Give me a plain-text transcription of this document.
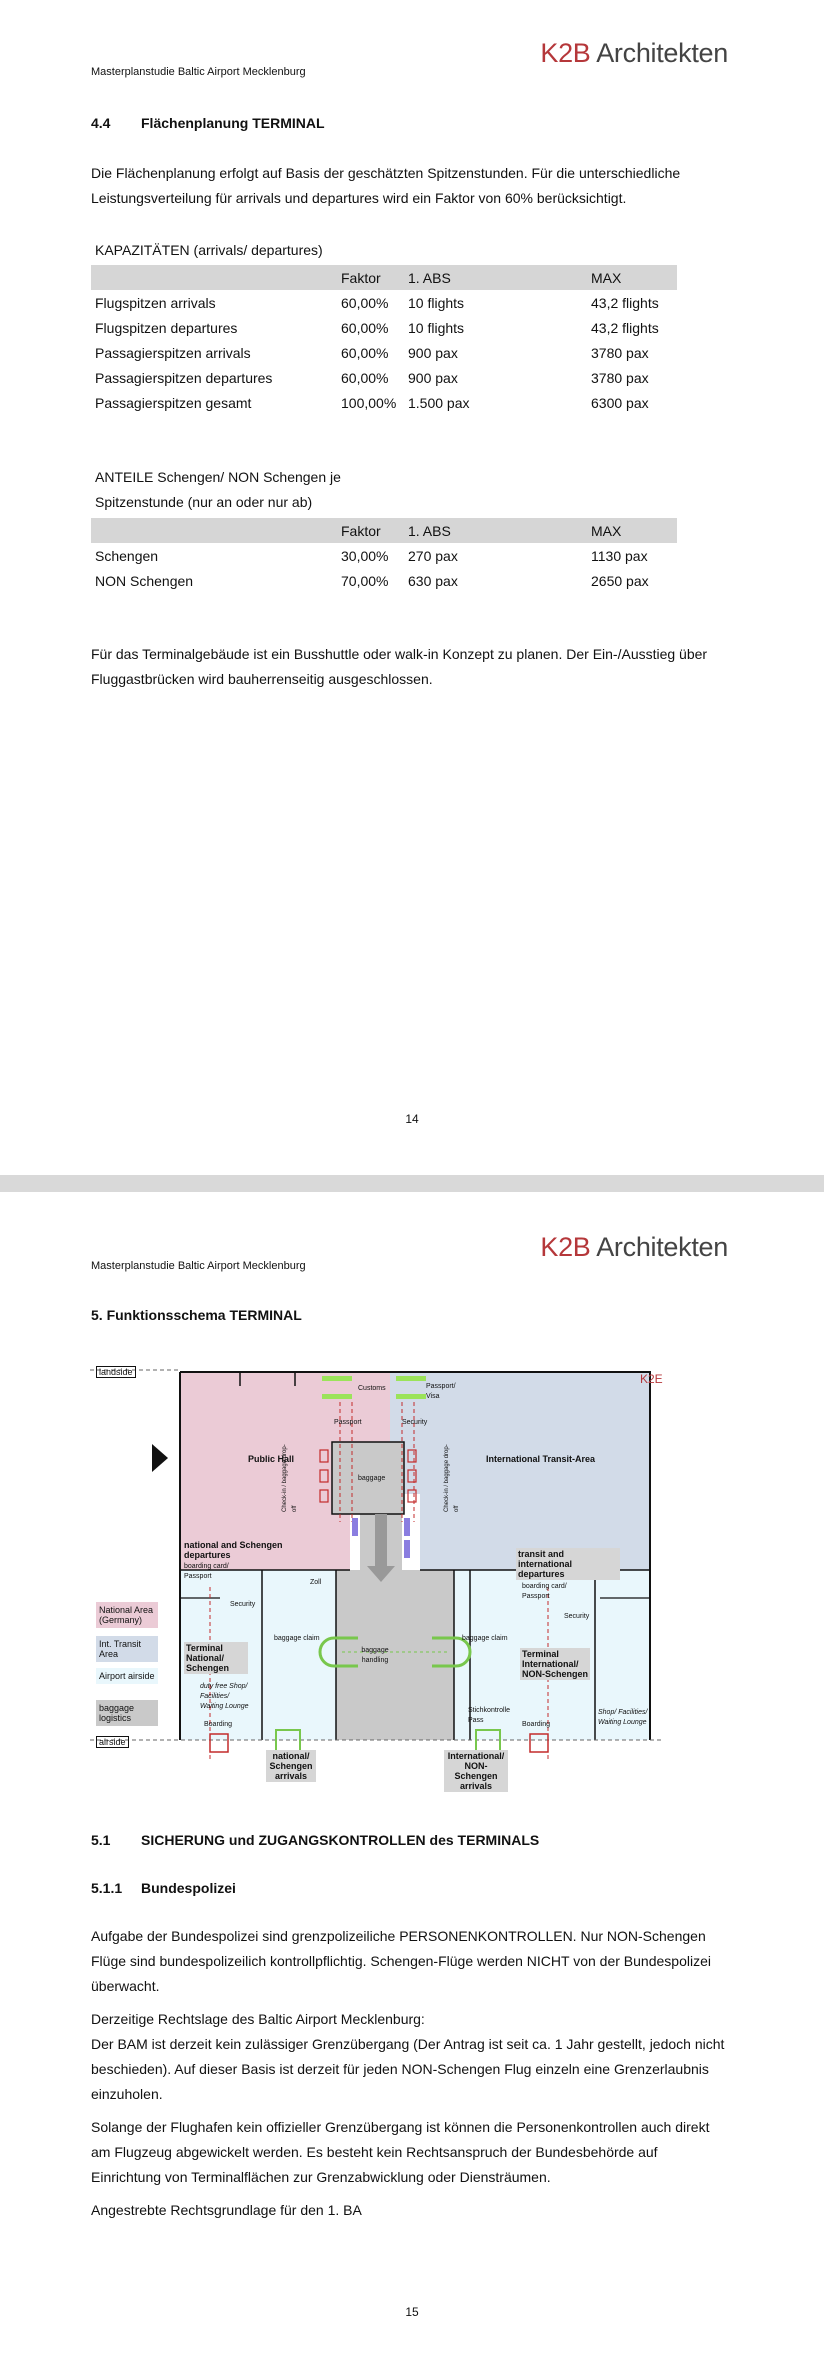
Masterplanstudie Baltic Airport Mecklenburg
K2B Architekten
4.4 Flächenplanung TERMINAL
Die Flächenplanung erfolgt auf Basis der geschätzten Spitzenstunden. Für die unterschiedliche Leistungsverteilung für arrivals und departures wird ein Faktor von 60% berücksichtigt.
KAPAZITÄTEN (arrivals/ departures)
	Faktor	1. ABS		MAX
Flugspitzen arrivals	60,00%	10 flights		43,2 flights
Flugspitzen departures	60,00%	10 flights		43,2 flights
Passagierspitzen arrivals	60,00%	900 pax		3780 pax
Passagierspitzen departures	60,00%	900 pax		3780 pax
Passagierspitzen gesamt	100,00%	1.500 pax		6300 pax
ANTEILE Schengen/ NON Schengen je
Spitzenstunde (nur an oder nur ab)
	Faktor	1. ABS		MAX
Schengen	30,00%	270 pax		1130 pax
NON Schengen	70,00%	630 pax		2650 pax
Für das Terminalgebäude ist ein Busshuttle oder walk-in Konzept zu planen. Der Ein-/Ausstieg über Fluggastbrücken wird bauherrenseitig ausgeschlossen.
14
Masterplanstudie Baltic Airport Mecklenburg
K2B Architekten
5. Funktionsschema TERMINAL
landside
airside
K2E
Public Hall	International Transit-Area
Customs	Passport/ Visa
Passport	Security
baggage
baggage handling
Check-in / baggage drop-off	Check-in / baggage drop-off
national and Schengen departures
boarding card/ Passport
transit and international departures
boarding card/ Passport
Zoll
Security
Security
Terminal National/ Schengen
Terminal International/ NON-Schengen
duty free Shop/ Facilities/ Waiting Lounge
Shop/ Facilities/ Waiting Lounge
baggage claim	baggage claim
Boarding	Boarding
Stichkontrolle Pass
national/ Schengen arrivals
International/ NON-Schengen arrivals
National Area (Germany)
Int. Transit Area
Airport airside
baggage logistics
5.1 SICHERUNG und ZUGANGSKONTROLLEN des TERMINALS
5.1.1 Bundespolizei
Aufgabe der Bundespolizei sind grenzpolizeiliche PERSONENKONTROLLEN. Nur NON-Schengen Flüge sind bundespolizeilich kontrollpflichtig. Schengen-Flüge werden NICHT von der Bundespolizei überwacht.
Derzeitige Rechtslage des Baltic Airport Mecklenburg:
Der BAM ist derzeit kein zulässiger Grenzübergang (Der Antrag ist seit ca. 1 Jahr gestellt, jedoch nicht beschieden). Auf dieser Basis ist derzeit für jeden NON-Schengen Flug einzeln eine Grenzerlaubnis einzuholen.
Solange der Flughafen kein offizieller Grenzübergang ist können die Personenkontrollen auch direkt am Flugzeug abgewickelt werden. Es besteht kein Rechtsanspruch der Bundesbehörde auf Einrichtung von Terminalflächen zur Grenzabwicklung oder Diensträumen.
Angestrebte Rechtsgrundlage für den 1. BA
15
